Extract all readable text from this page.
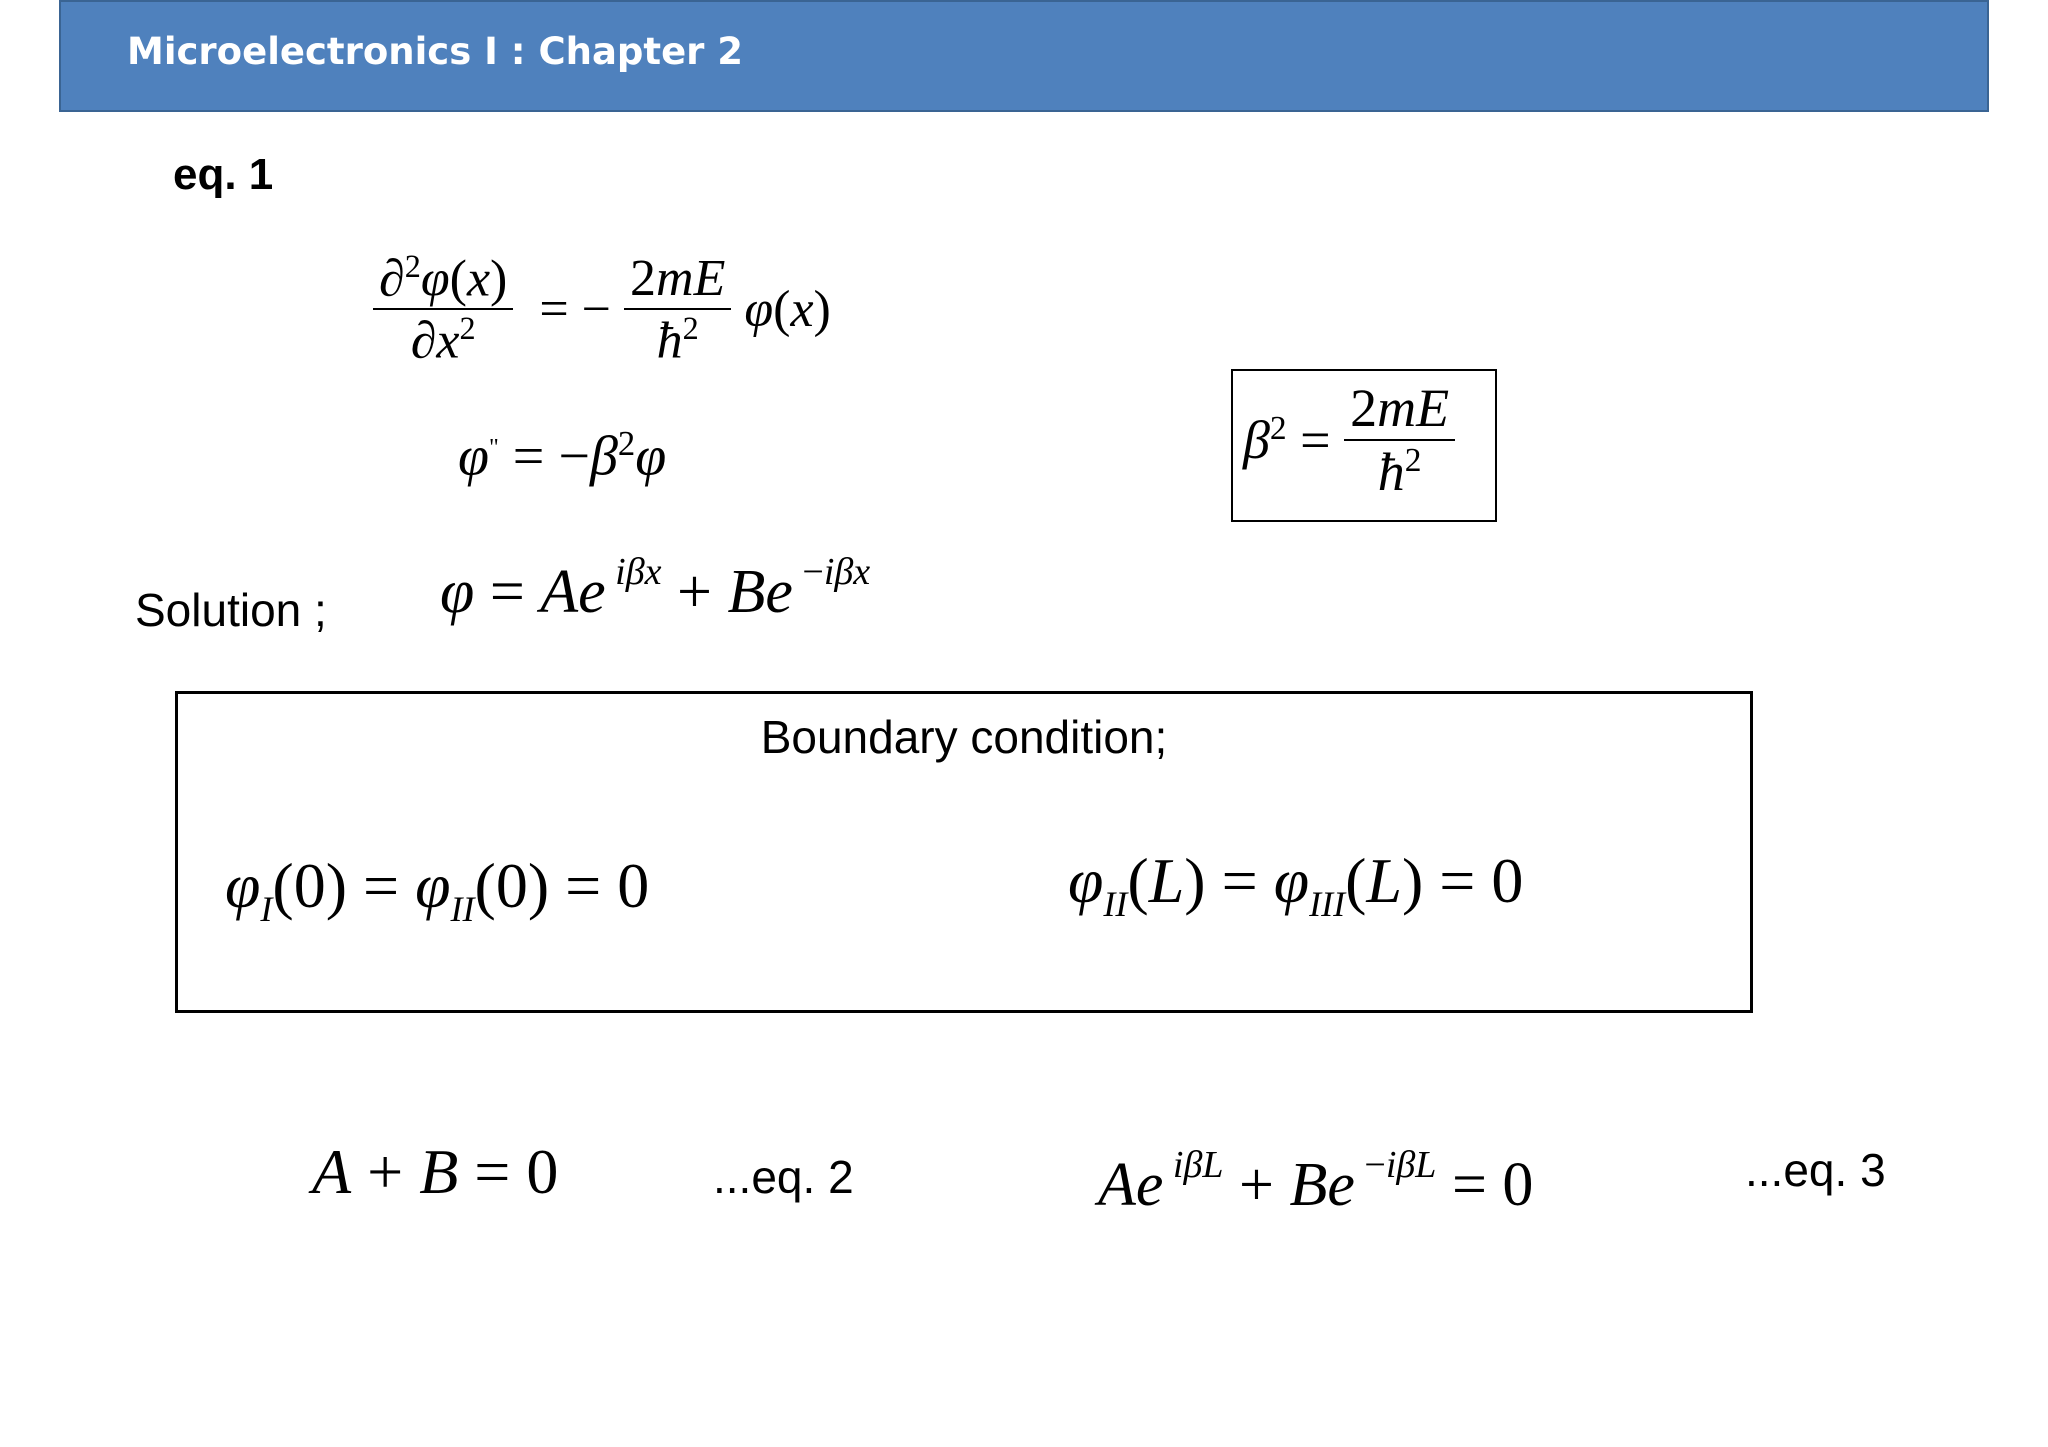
Microelectronics I : Chapter 2
eq. 1
$\frac{\partial^2\varphi(x)}{\partial x^2}$ = − $\frac{2mE}{ħ^2} \varphi(x)$
$\varphi^" = -\beta^2\varphi$	$\beta^2 = \frac{2mE}{ħ^2}$
Solution ; φ = Ae $^{i\beta x}$ + Be $^{-i\beta x}$
Boundary condition;
$\varphi_I(0) = \varphi_{II}(0) = 0$	$\varphi_{II}(L) = \varphi_{III}(L) = 0$
A + B = 0	...eq. 2	Ae $^{i\beta L}$ + Be $^{-i\beta L}$ = 0	...eq. 3
